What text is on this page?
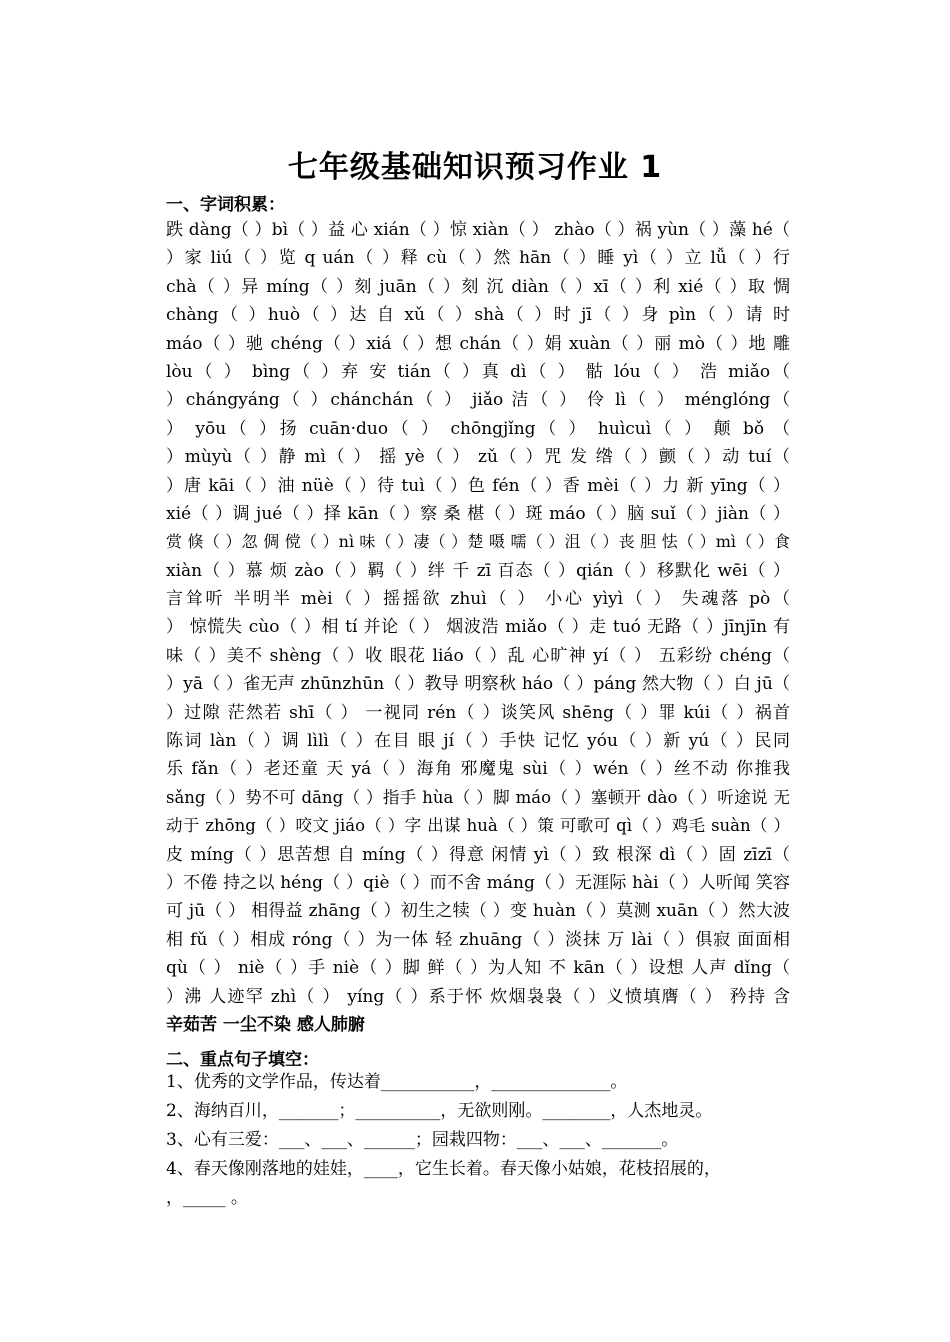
七年级基础知识预习作业 1
一、字词积累：
跌 dàng（ ）bì（ ）益 心 xián（ ）惊 xiàn（ ） zhào（ ）祸 yùn（ ）藻 hé（
）家 liú（ ）览 q uán（ ）释 cù（ ）然 hān（ ）睡 yì（ ）立 lǚ（ ）行
chà（ ）异 míng（ ）刻 juān（ ）刻 沉 diàn（ ）xī（ ）利 xié（ ）取 惆
chàng（ ）huò（ ）达 自 xǔ（ ）shà（ ）时 jī（ ）身 pìn（ ）请 时
máo（ ）驰 chéng（ ）xiá（ ）想 chán（ ）娟 xuàn（ ）丽 mò（ ）地 雕
lòu（ ） bìng（ ）弃 安 tián（ ）真 dì（ ） 骷 lóu（ ） 浩 miǎo（
）chángyáng（ ）chánchán（ ） jiǎo 洁（ ） 伶 lì（ ） ménglóng（
） yōu（ ）扬 cuān·duo（ ） chōngjǐng（ ） huìcuì（ ） 颠 bǒ （
）mùyù（ ）静 mì（ ） 摇 yè（ ） zǔ（ ）咒 发 绺（ ）颤（ ）动 tuí（
）唐 kāi（ ）油 nüè（ ）待 tuì（ ）色 fén（ ）香 mèi（ ）力 新 yīng（ ）
xié（ ）调 jué（ ）择 kān（ ）察 桑 椹（ ）斑 máo（ ）脑 suǐ（ ）jiàn（ ）
赏 倏（ ）忽 倜 傥（ ）nì 味（ ）凄（ ）楚 嗫 嚅（ ）沮（ ）丧 胆 怯（ ）mì（ ）食
xiàn（ ）慕 烦 zào（ ）羁（ ）绊 千 zī 百态（ ）qián（ ）移默化 wēi（ ）
言耸听 半明半 mèi（ ）摇摇欲 zhuì（ ） 小心 yìyì（ ） 失魂落 pò（
） 惊慌失 cùo（ ）相 tí 并论（ ） 烟波浩 miǎo（ ）走 tuó 无路（ ）jīnjīn 有
味（ ）美不 shèng（ ）收 眼花 liáo（ ）乱 心旷神 yí（ ） 五彩纷 chéng（
）yā（ ）雀无声 zhūnzhūn（ ）教导 明察秋 háo（ ）páng 然大物（ ）白 jū（
）过隙 茫然若 shī（ ） 一视同 rén（ ）谈笑风 shēng（ ）罪 kúi（ ）祸首
陈词 làn（ ）调 lìlì（ ）在目 眼 jí（ ）手快 记忆 yóu（ ）新 yú（ ）民同
乐 fǎn（ ）老还童 天 yá（ ）海角 邪魔鬼 sùi（ ）wén（ ）丝不动 你推我
sǎng（ ）势不可 dāng（ ）指手 hùa（ ）脚 máo（ ）塞顿开 dào（ ）听途说 无
动于 zhōng（ ）咬文 jiáo（ ）字 出谋 huà（ ）策 可歌可 qì（ ）鸡毛 suàn（ ）
皮 míng（ ）思苦想 自 míng（ ）得意 闲情 yì（ ）致 根深 dì（ ）固 zīzī（
）不倦 持之以 héng（ ）qiè（ ）而不舍 máng（ ）无涯际 hài（ ）人听闻 笑容
可 jū（ ） 相得益 zhāng（ ）初生之犊（ ）变 huàn（ ）莫测 xuān（ ）然大波
相 fǔ（ ）相成 róng（ ）为一体 轻 zhuāng（ ）淡抹 万 lài（ ）俱寂 面面相
qù（ ） niè（ ）手 niè（ ）脚 鲜（ ）为人知 不 kān（ ）设想 人声 dǐng（
）沸 人迹罕 zhì（ ） yíng（ ）系于怀 炊烟袅袅（ ）义愤填膺（ ） 矜持 含
辛茹苦 一尘不染 感人肺腑
二、重点句子填空：
1、优秀的文学作品，传达着___________，______________。
2、海纳百川，_______；__________，无欲则刚。________，人杰地灵。
3、心有三爱：___、___、______；园栽四物：___、___、_______。
4、春天像刚落地的娃娃，____，它生长着。春天像小姑娘，花枝招展的，
，_____ 。
